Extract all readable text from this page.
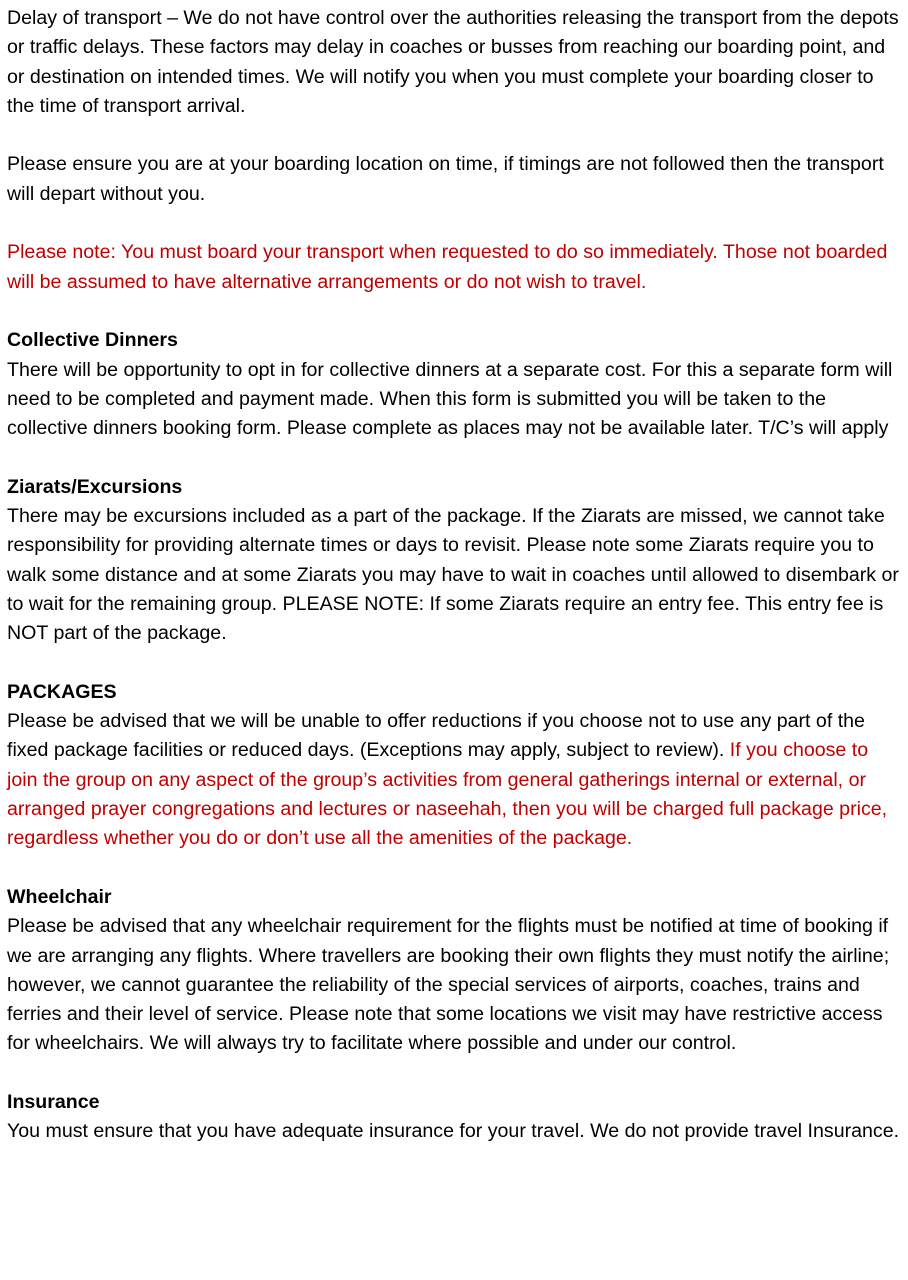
Delay of transport – We do not have control over the authorities releasing the transport from the depots or traffic delays. These factors may delay in coaches or busses from reaching our boarding point, and or destination on intended times. We will notify you when you must complete your boarding closer to the time of transport arrival.

Please ensure you are at your boarding location on time, if timings are not followed then the transport will depart without you.

Please note: You must board your transport when requested to do so immediately. Those not boarded will be assumed to have alternative arrangements or do not wish to travel.

Collective Dinners

There will be opportunity to opt in for collective dinners at a separate cost. For this a separate form will need to be completed and payment made. When this form is submitted you will be taken to the collective dinners booking form. Please complete as places may not be available later. T/C’s will apply

Ziarats/Excursions

There may be excursions included as a part of the package. If the Ziarats are missed, we cannot take responsibility for providing alternate times or days to revisit. Please note some Ziarats require you to walk some distance and at some Ziarats you may have to wait in coaches until allowed to disembark or to wait for the remaining group. PLEASE NOTE: If some Ziarats require an entry fee. This entry fee is NOT part of the package.

PACKAGES

Please be advised that we will be unable to offer reductions if you choose not to use any part of the fixed package facilities or reduced days. (Exceptions may apply, subject to review). If you choose to join the group on any aspect of the group’s activities from general gatherings internal or external, or arranged prayer congregations and lectures or naseehah, then you will be charged full package price, regardless whether you do or don’t use all the amenities of the package.

Wheelchair

Please be advised that any wheelchair requirement for the flights must be notified at time of booking if we are arranging any flights. Where travellers are booking their own flights they must notify the airline; however, we cannot guarantee the reliability of the special services of airports, coaches, trains and ferries and their level of service. Please note that some locations we visit may have restrictive access for wheelchairs. We will always try to facilitate where possible and under our control.

Insurance

You must ensure that you have adequate insurance for your travel. We do not provide travel Insurance.
